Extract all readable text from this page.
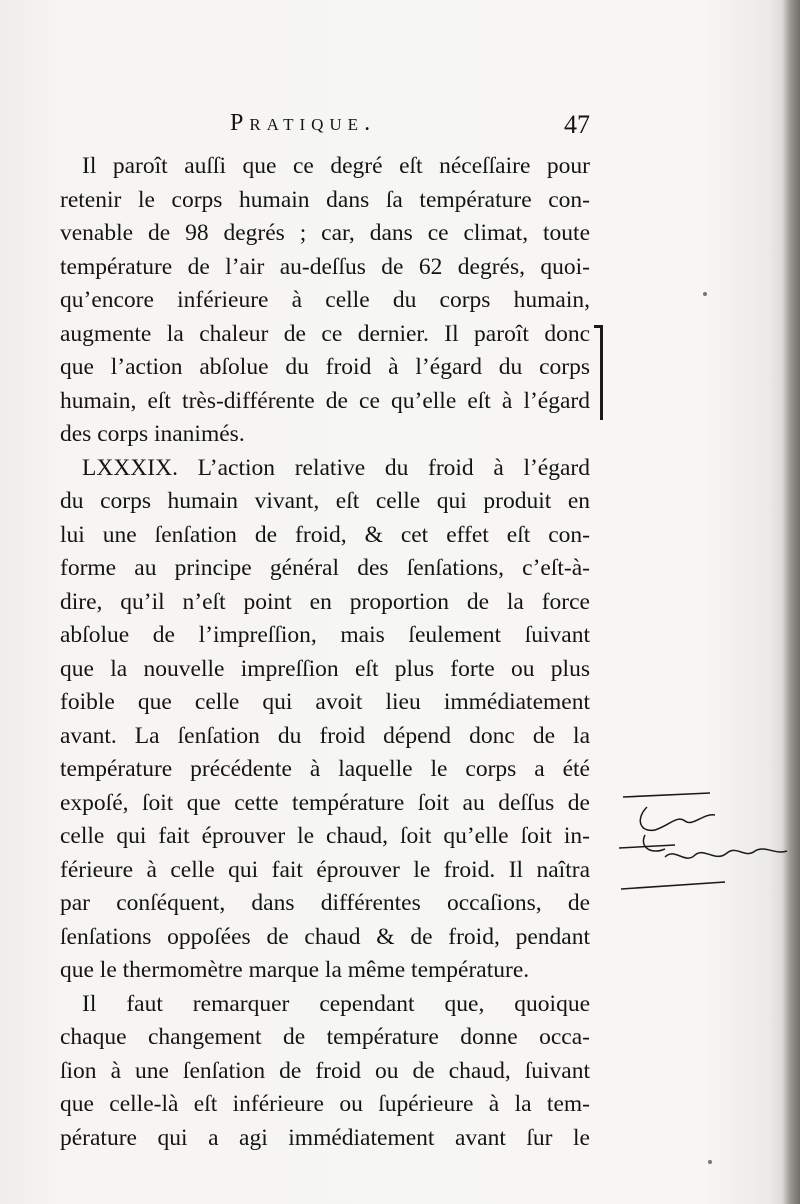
Pratique.	47
Il paroît auſſi que ce degré eſt néceſſaire pour
retenir le corps humain dans ſa température con-
venable de 98 degrés ; car, dans ce climat, toute
température de l’air au-deſſus de 62 degrés, quoi-
qu’encore inférieure à celle du corps humain,
augmente la chaleur de ce dernier. Il paroît donc
que l’action abſolue du froid à l’égard du corps
humain, eſt très-différente de ce qu’elle eſt à l’égard
des corps inanimés.
LXXXIX. L’action relative du froid à l’égard
du corps humain vivant, eſt celle qui produit en
lui une ſenſation de froid, & cet effet eſt con-
forme au principe général des ſenſations, c’eſt-à-
dire, qu’il n’eſt point en proportion de la force
abſolue de l’impreſſion, mais ſeulement ſuivant
que la nouvelle impreſſion eſt plus forte ou plus
foible que celle qui avoit lieu immédiatement
avant. La ſenſation du froid dépend donc de la
température précédente à laquelle le corps a été
expoſé, ſoit que cette température ſoit au deſſus de
celle qui fait éprouver le chaud, ſoit qu’elle ſoit in-
férieure à celle qui fait éprouver le froid. Il naîtra
par conſéquent, dans différentes occaſions, de
ſenſations oppoſées de chaud & de froid, pendant
que le thermomètre marque la même température.
Il faut remarquer cependant que, quoique
chaque changement de température donne occa-
ſion à une ſenſation de froid ou de chaud, ſuivant
que celle-là eſt inférieure ou ſupérieure à la tem-
pérature qui a agi immédiatement avant ſur le
